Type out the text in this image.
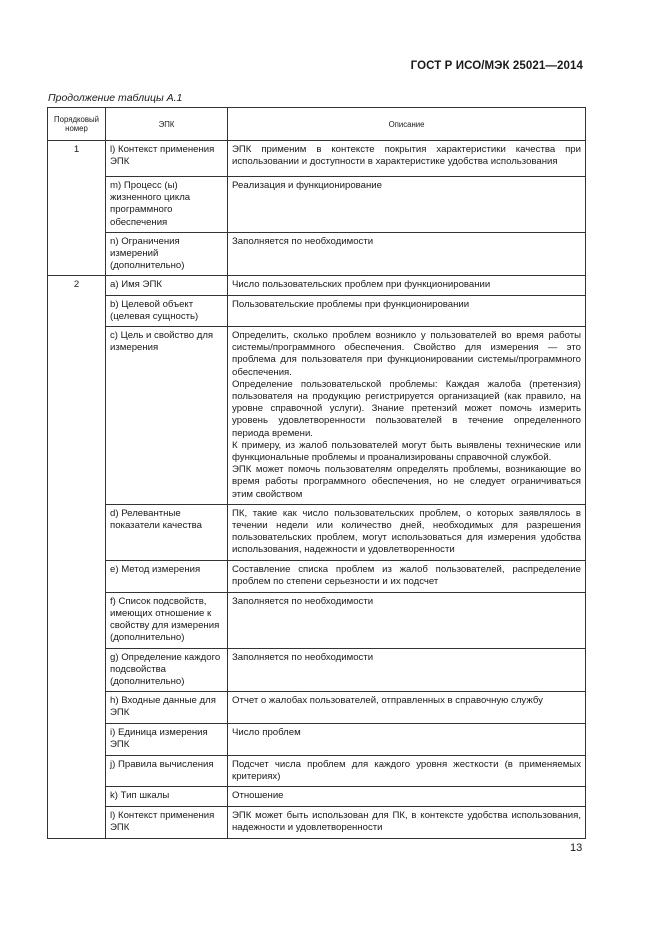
ГОСТ Р ИСО/МЭК 25021—2014
Продолжение таблицы А.1
Порядковый номер	ЭПК	Описание
1	l) Контекст применения ЭПК	ЭПК применим в контексте покрытия характеристики качества при использовании и доступности в характеристике удобства использования
	m) Процесс (ы) жизненного цикла программного обеспечения	Реализация и функционирование
	n) Ограничения измерений (дополнительно)	Заполняется по необходимости
2	a) Имя ЭПК	Число пользовательских проблем при функционировании
	b) Целевой объект (целевая сущность)	Пользовательские проблемы при функционировании
	c) Цель и свойство для измерения	Определить, сколько проблем возникло у пользователей во время работы системы/программного обеспечения. Свойство для измерения — это проблема для пользователя при функционировании системы/программного обеспечения.
Определение пользовательской проблемы: Каждая жалоба (претензия) пользователя на продукцию регистрируется организацией (как правило, на уровне справочной услуги). Знание претензий может помочь измерить уровень удовлетворенности пользователей в течение определенного периода времени.
К примеру, из жалоб пользователей могут быть выявлены технические или функциональные проблемы и проанализированы справочной службой.
ЭПК может помочь пользователям определять проблемы, возникающие во время работы программного обеспечения, но не следует ограничиваться этим свойством
	d) Релевантные показатели качества	ПК, такие как число пользовательских проблем, о которых заявлялось в течении недели или количество дней, необходимых для разрешения пользовательских проблем, могут использоваться для измерения удобства использования, надежности и удовлетворенности
	e) Метод измерения	Составление списка проблем из жалоб пользователей, распределение проблем по степени серьезности и их подсчет
	f) Список подсвойств, имеющих отношение к свойству для измерения (дополнительно)	Заполняется по необходимости
	g) Определение каждого подсвойства (дополнительно)	Заполняется по необходимости
	h) Входные данные для ЭПК	Отчет о жалобах пользователей, отправленных в справочную службу
	i) Единица измерения ЭПК	Число проблем
	j) Правила вычисления	Подсчет числа проблем для каждого уровня жесткости (в применяемых критериях)
	k) Тип шкалы	Отношение
	l) Контекст применения ЭПК	ЭПК может быть использован для ПК, в контексте удобства использования, надежности и удовлетворенности
13
